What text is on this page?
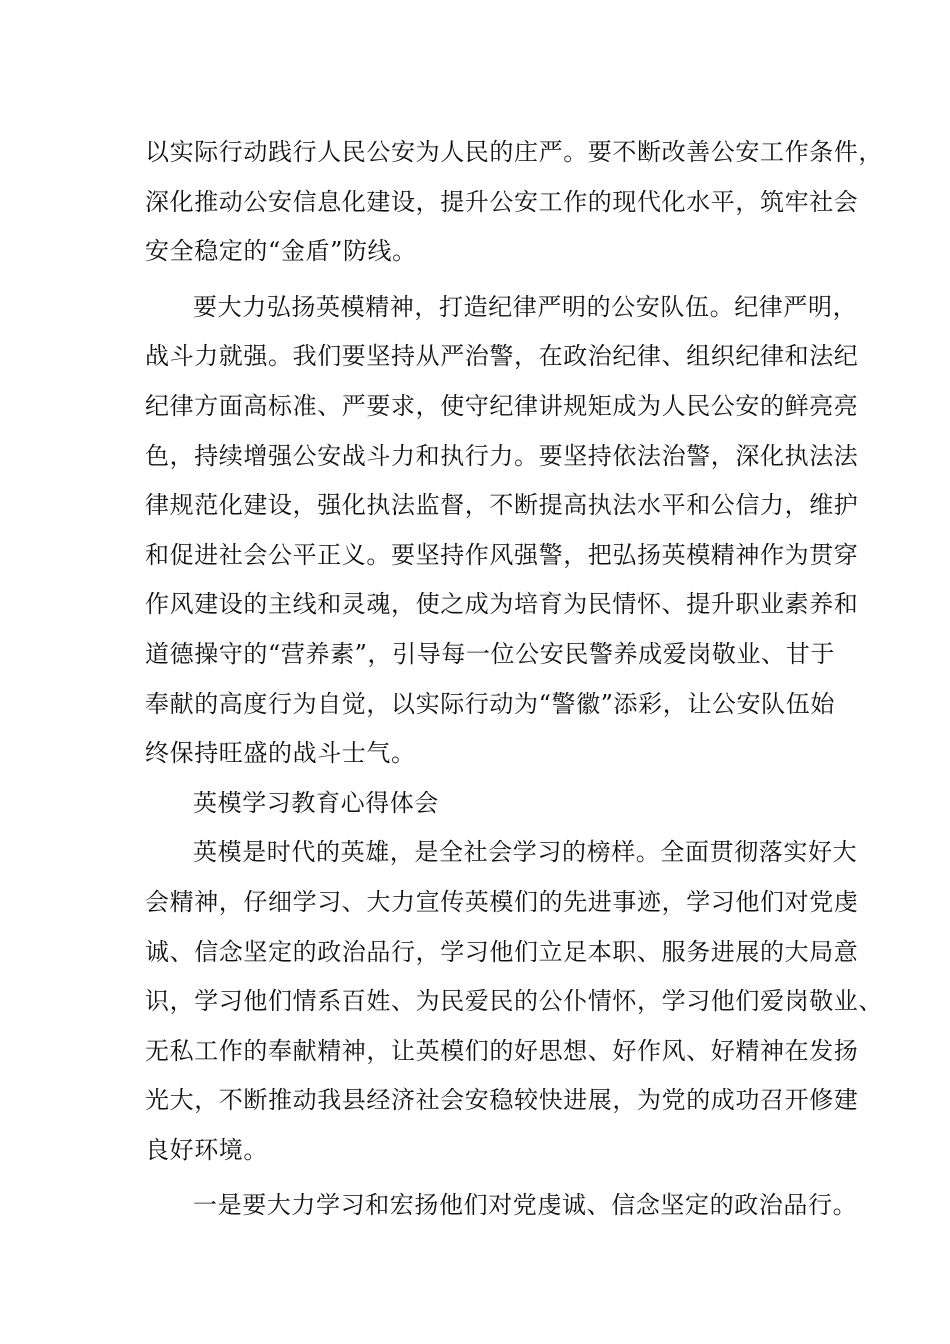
以实际行动践行人民公安为人民的庄严。要不断改善公安工作条件，
深化推动公安信息化建设，提升公安工作的现代化水平，筑牢社会
安全稳定的“金盾”防线。
要大力弘扬英模精神，打造纪律严明的公安队伍。纪律严明，
战斗力就强。我们要坚持从严治警，在政治纪律、组织纪律和法纪
纪律方面高标准、严要求，使守纪律讲规矩成为人民公安的鲜亮亮
色，持续增强公安战斗力和执行力。要坚持依法治警，深化执法法
律规范化建设，强化执法监督，不断提高执法水平和公信力，维护
和促进社会公平正义。要坚持作风强警，把弘扬英模精神作为贯穿
作风建设的主线和灵魂，使之成为培育为民情怀、提升职业素养和
道德操守的“营养素”，引导每一位公安民警养成爱岗敬业、甘于
奉献的高度行为自觉，以实际行动为“警徽”添彩，让公安队伍始
终保持旺盛的战斗士气。
英模学习教育心得体会
英模是时代的英雄，是全社会学习的榜样。全面贯彻落实好大
会精神，仔细学习、大力宣传英模们的先进事迹，学习他们对党虔
诚、信念坚定的政治品行，学习他们立足本职、服务进展的大局意
识，学习他们情系百姓、为民爱民的公仆情怀，学习他们爱岗敬业、
无私工作的奉献精神，让英模们的好思想、好作风、好精神在发扬
光大，不断推动我县经济社会安稳较快进展，为党的成功召开修建
良好环境。
一是要大力学习和宏扬他们对党虔诚、信念坚定的政治品行。
